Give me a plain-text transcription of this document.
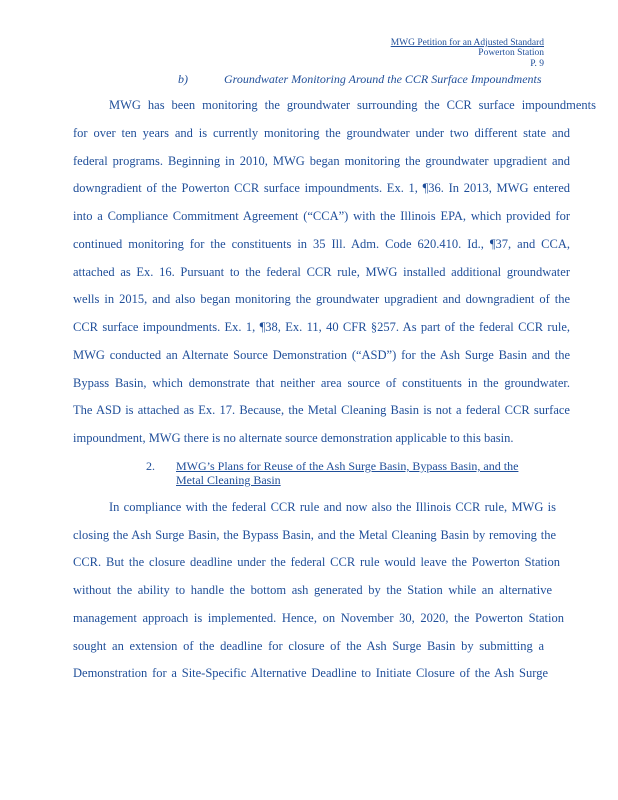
MWG Petition for an Adjusted Standard
Powerton Station
P. 9
b)	Groundwater Monitoring Around the CCR Surface Impoundments
MWG has been monitoring the groundwater surrounding the CCR surface impoundments
for over ten years and is currently monitoring the groundwater under two different state and
federal programs. Beginning in 2010, MWG began monitoring the groundwater upgradient and
downgradient of the Powerton CCR surface impoundments. Ex. 1, ¶36. In 2013, MWG entered
into a Compliance Commitment Agreement (“CCA”) with the Illinois EPA, which provided for
continued monitoring for the constituents in 35 Ill. Adm. Code 620.410. Id., ¶37, and CCA,
attached as Ex. 16. Pursuant to the federal CCR rule, MWG installed additional groundwater
wells in 2015, and also began monitoring the groundwater upgradient and downgradient of the
CCR surface impoundments. Ex. 1, ¶38, Ex. 11, 40 CFR §257. As part of the federal CCR rule,
MWG conducted an Alternate Source Demonstration (“ASD”) for the Ash Surge Basin and the
Bypass Basin, which demonstrate that neither area source of constituents in the groundwater.
The ASD is attached as Ex. 17. Because, the Metal Cleaning Basin is not a federal CCR surface
impoundment, MWG there is no alternate source demonstration applicable to this basin.
2. MWG’s Plans for Reuse of the Ash Surge Basin, Bypass Basin, and the
Metal Cleaning Basin
In compliance with the federal CCR rule and now also the Illinois CCR rule, MWG is
closing the Ash Surge Basin, the Bypass Basin, and the Metal Cleaning Basin by removing the
CCR. But the closure deadline under the federal CCR rule would leave the Powerton Station
without the ability to handle the bottom ash generated by the Station while an alternative
management approach is implemented. Hence, on November 30, 2020, the Powerton Station
sought an extension of the deadline for closure of the Ash Surge Basin by submitting a
Demonstration for a Site-Specific Alternative Deadline to Initiate Closure of the Ash Surge
